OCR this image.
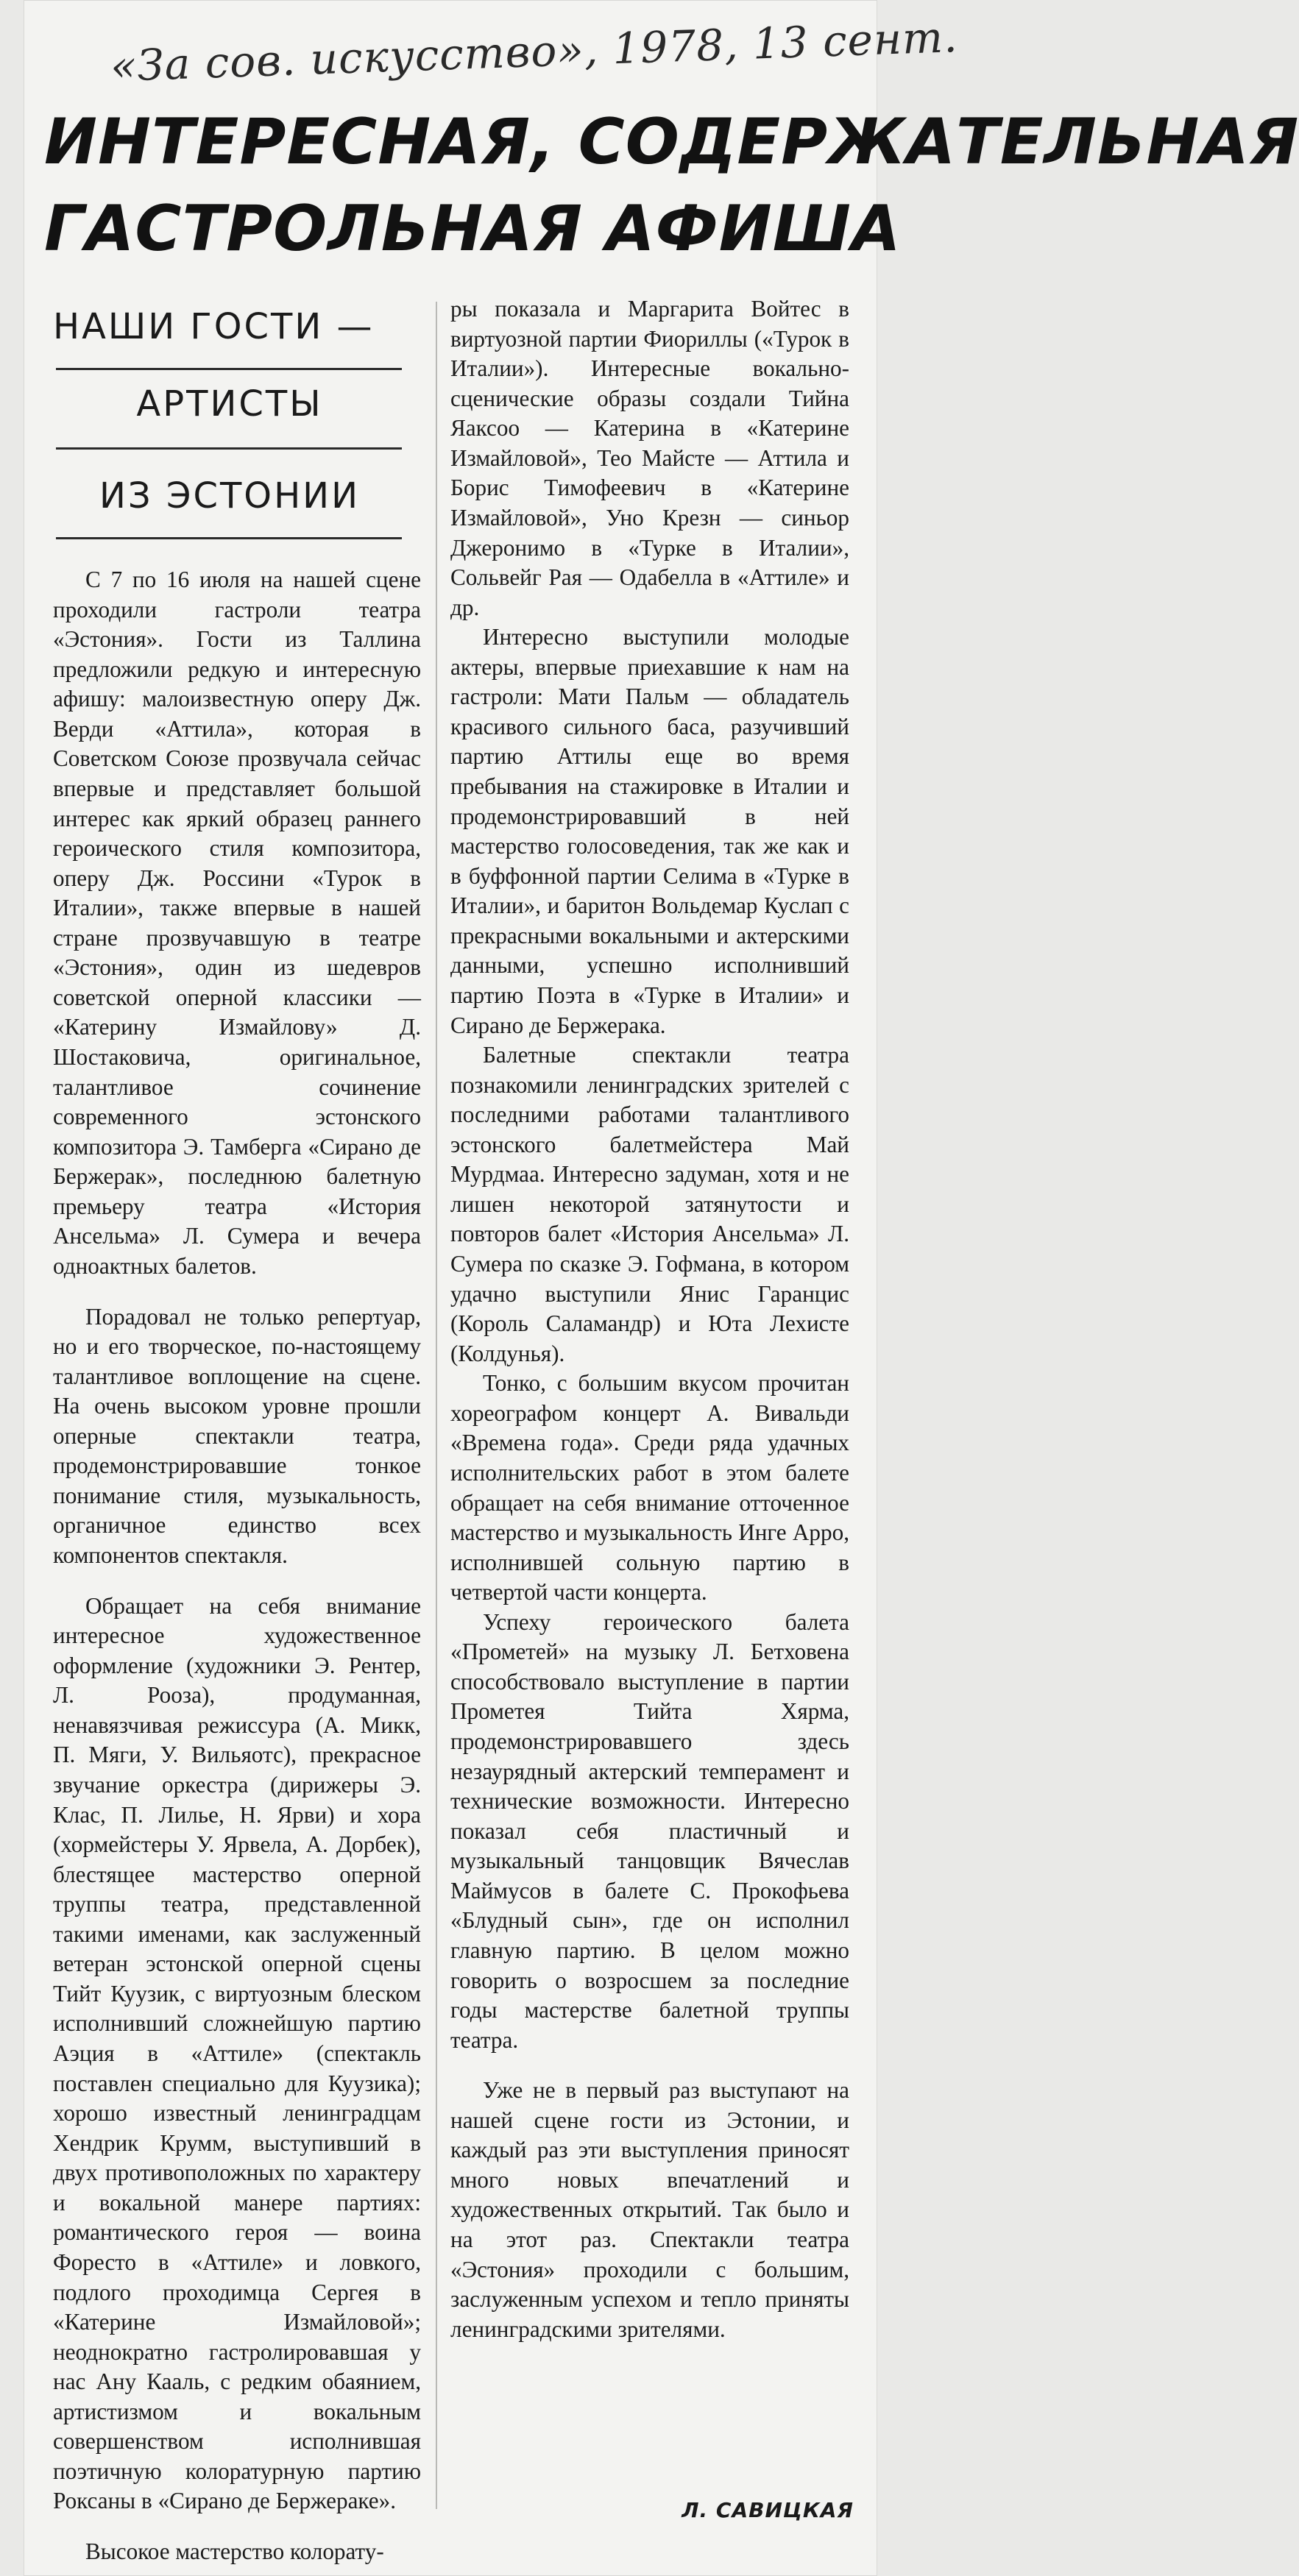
«За сов. искусство», 1978, 13 сент.
ИНТЕРЕСНАЯ, СОДЕРЖАТЕЛЬНАЯ
ГАСТРОЛЬНАЯ АФИША
НАШИ ГОСТИ —
АРТИСТЫ
ИЗ ЭСТОНИИ

С 7 по 16 июля на нашей сцене проходили гастроли театра «Эстония». Гости из Таллина предложили редкую и интересную афишу: малоизвестную оперу Дж. Верди «Аттила», которая в Советском Союзе прозвучала сейчас впервые и представляет большой интерес как яркий образец раннего героического стиля композитора, оперу Дж. Россини «Турок в Италии», также впервые в нашей стране прозвучавшую в театре «Эстония», один из шедевров советской оперной классики — «Катерину Измайлову» Д. Шостаковича, оригинальное, талантливое сочинение современного эстонского композитора Э. Тамберга «Сирано де Бержерак», последнюю балетную премьеру театра «История Ансельма» Л. Сумера и вечера одноактных балетов.

Порадовал не только репертуар, но и его творческое, по-настоящему талантливое воплощение на сцене. На очень высоком уровне прошли оперные спектакли театра, продемонстрировавшие тонкое понимание стиля, музыкальность, органичное единство всех компонентов спектакля.

Обращает на себя внимание интересное художественное оформление (художники Э. Рентер, Л. Рооза), продуманная, ненавязчивая режиссура (А. Микк, П. Мяги, У. Вильяотс), прекрасное звучание оркестра (дирижеры Э. Клас, П. Лилье, Н. Ярви) и хора (хормейстеры У. Ярвела, А. Дорбек), блестящее мастерство оперной труппы театра, представленной такими именами, как заслуженный ветеран эстонской оперной сцены Тийт Куузик, с виртуозным блеском исполнивший сложнейшую партию Аэция в «Аттиле» (спектакль поставлен специально для Куузика); хорошо известный ленинградцам Хендрик Крумм, выступивший в двух противоположных по характеру и вокальной манере партиях: романтического героя — воина Форесто в «Аттиле» и ловкого, подлого проходимца Сергея в «Катерине Измайловой»; неоднократно гастролировавшая у нас Ану Кааль, с редким обаянием, артистизмом и вокальным совершенством исполнившая поэтичную колоратурную партию Роксаны в «Сирано де Бержераке».

Высокое мастерство колорату-

ры показала и Маргарита Войтес в виртуозной партии Фиориллы («Турок в Италии»). Интересные вокально-сценические образы создали Тийна Яаксоо — Катерина в «Катерине Измайловой», Тео Майсте — Аттила и Борис Тимофеевич в «Катерине Измайловой», Уно Крезн — синьор Джеронимо в «Турке в Италии», Сольвейг Рая — Одабелла в «Аттиле» и др.

Интересно выступили молодые актеры, впервые приехавшие к нам на гастроли: Мати Пальм — обладатель красивого сильного баса, разучивший партию Аттилы еще во время пребывания на стажировке в Италии и продемонстрировавший в ней мастерство голосоведения, так же как и в буффонной партии Селима в «Турке в Италии», и баритон Вольдемар Куслап с прекрасными вокальными и актерскими данными, успешно исполнивший партию Поэта в «Турке в Италии» и Сирано де Бержерака.

Балетные спектакли театра познакомили ленинградских зрителей с последними работами талантливого эстонского балетмейстера Май Мурдмаа. Интересно задуман, хотя и не лишен некоторой затянутости и повторов балет «История Ансельма» Л. Сумера по сказке Э. Гофмана, в котором удачно выступили Янис Гаранцис (Король Саламандр) и Юта Лехисте (Колдунья).

Тонко, с большим вкусом прочитан хореографом концерт А. Вивальди «Времена года». Среди ряда удачных исполнительских работ в этом балете обращает на себя внимание отточенное мастерство и музыкальность Инге Арро, исполнившей сольную партию в четвертой части концерта.

Успеху героического балета «Прометей» на музыку Л. Бетховена способствовало выступление в партии Прометея Тийта Хярма, продемонстрировавшего здесь незаурядный актерский темперамент и технические возможности. Интересно показал себя пластичный и музыкальный танцовщик Вячеслав Маймусов в балете С. Прокофьева «Блудный сын», где он исполнил главную партию. В целом можно говорить о возросшем за последние годы мастерстве балетной труппы театра.

Уже не в первый раз выступают на нашей сцене гости из Эстонии, и каждый раз эти выступления приносят много новых впечатлений и художественных открытий. Так было и на этот раз. Спектакли театра «Эстония» проходили с большим, заслуженным успехом и тепло приняты ленинградскими зрителями.

Л. САВИЦКАЯ
